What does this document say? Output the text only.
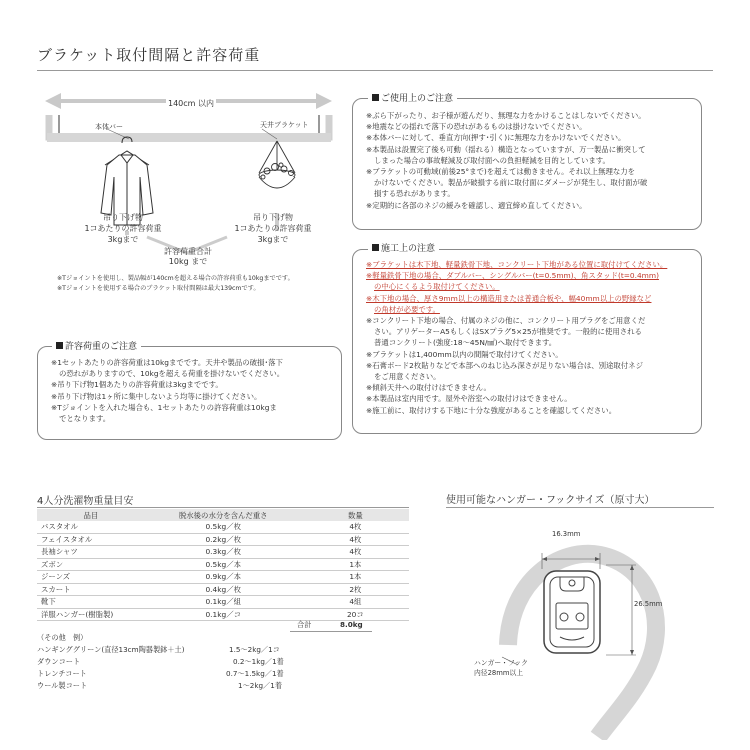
ブラケット取付間隔と許容荷重
140cm 以内
本体バー	天井ブラケット
吊り下げ物
1コあたりの許容荷重
3kgまで
吊り下げ物
1コあたりの許容荷重
3kgまで
許容荷重合計
10kg まで
※Tジョイントを使用し、製品幅が140cmを超える場合の許容荷重も10kgまでです。
※Tジョイントを使用する場合のブラケット取付間隔は最大139cmです。
ご使用上のご注意
※ぶら下がったり、お子様が遊んだり、無理な力をかけることはしないでください。
※地震などの揺れで落下の恐れがあるものは掛けないでください。
※本体バーに対して、垂直方向(押す･引く)に無理な力をかけないでください。
※本製品は設置完了後も可動（揺れる）構造となっていますが、万一製品に衝突して
しまった場合の事故軽減及び取付面への負担軽減を目的としています。
※ブラケットの可動域(前後25°まで)を超えては動きません。それ以上無理な力を
かけないでください。製品が破損する前に取付面にダメージが発生し、取付面が破
損する恐れがあります。
※定期的に各部のネジの緩みを確認し、適宜締め直してください。
施工上の注意
※ブラケットは木下地、軽量鉄骨下地、コンクリート下地がある位置に取付けてください。
※軽量鉄骨下地の場合、ダブルバー、シングルバー(t=0.5mm)、角スタッド(t=0.4mm)
の中心にくるよう取付けてください。
※木下地の場合、厚さ9mm以上の構造用または普通合板や、幅40mm以上の野縁など
の角材が必要です。
※コンクリート下地の場合、付属のネジの他に、コンクリート用プラグをご用意くだ
さい。アリゲーターA5もしくはSXプラグ5×25が推奨です。一般的に使用される
普通コンクリート(強度:18～45N/㎟)へ取付できます。
※ブラケットは1,400mm以内の間隔で取付けてください。
※石膏ボード2枚貼りなどで本部へのねじ込み深さが足りない場合は、別途取付ネジ
をご用意ください。
※傾斜天井への取付けはできません。
※本製品は室内用です。屋外や浴室への取付けはできません。
※施工前に、取付けする下地に十分な強度があることを確認してください。
許容荷重のご注意
※1セットあたりの許容荷重は10kgまでです。天井や製品の破損･落下
の恐れがありますので、10kgを超える荷重を掛けないでください。
※吊り下げ物1個あたりの許容荷重は3kgまでです。
※吊り下げ物は1ヶ所に集中しないよう均等に掛けてください。
※Tジョイントを入れた場合も、1セットあたりの許容荷重は10kgま
でとなります。
4人分洗濯物重量目安
品目	脱水後の水分を含んだ重さ	数量
バスタオル	0.5kg／枚	4枚
フェイスタオル	0.2kg／枚	4枚
長袖シャツ	0.3kg／枚	4枚
ズボン	0.5kg／本	1本
ジーンズ	0.9kg／本	1本
スカート	0.4kg／枚	2枚
靴下	0.1kg／組	4組
洋服ハンガー(樹脂製)	0.1kg／コ	20コ
合計	8.0kg
（その他　例）
ハンギンググリーン(直径13cm陶器製鉢＋土)	1.5～2kg／1コ
ダウンコート	0.2～1kg／1着
トレンチコート	0.7～1.5kg／1着
ウール製コート	1～2kg／1着
使用可能なハンガー・フックサイズ（原寸大）
16.3mm
26.5mm
ハンガー・フック
内径28mm以上
